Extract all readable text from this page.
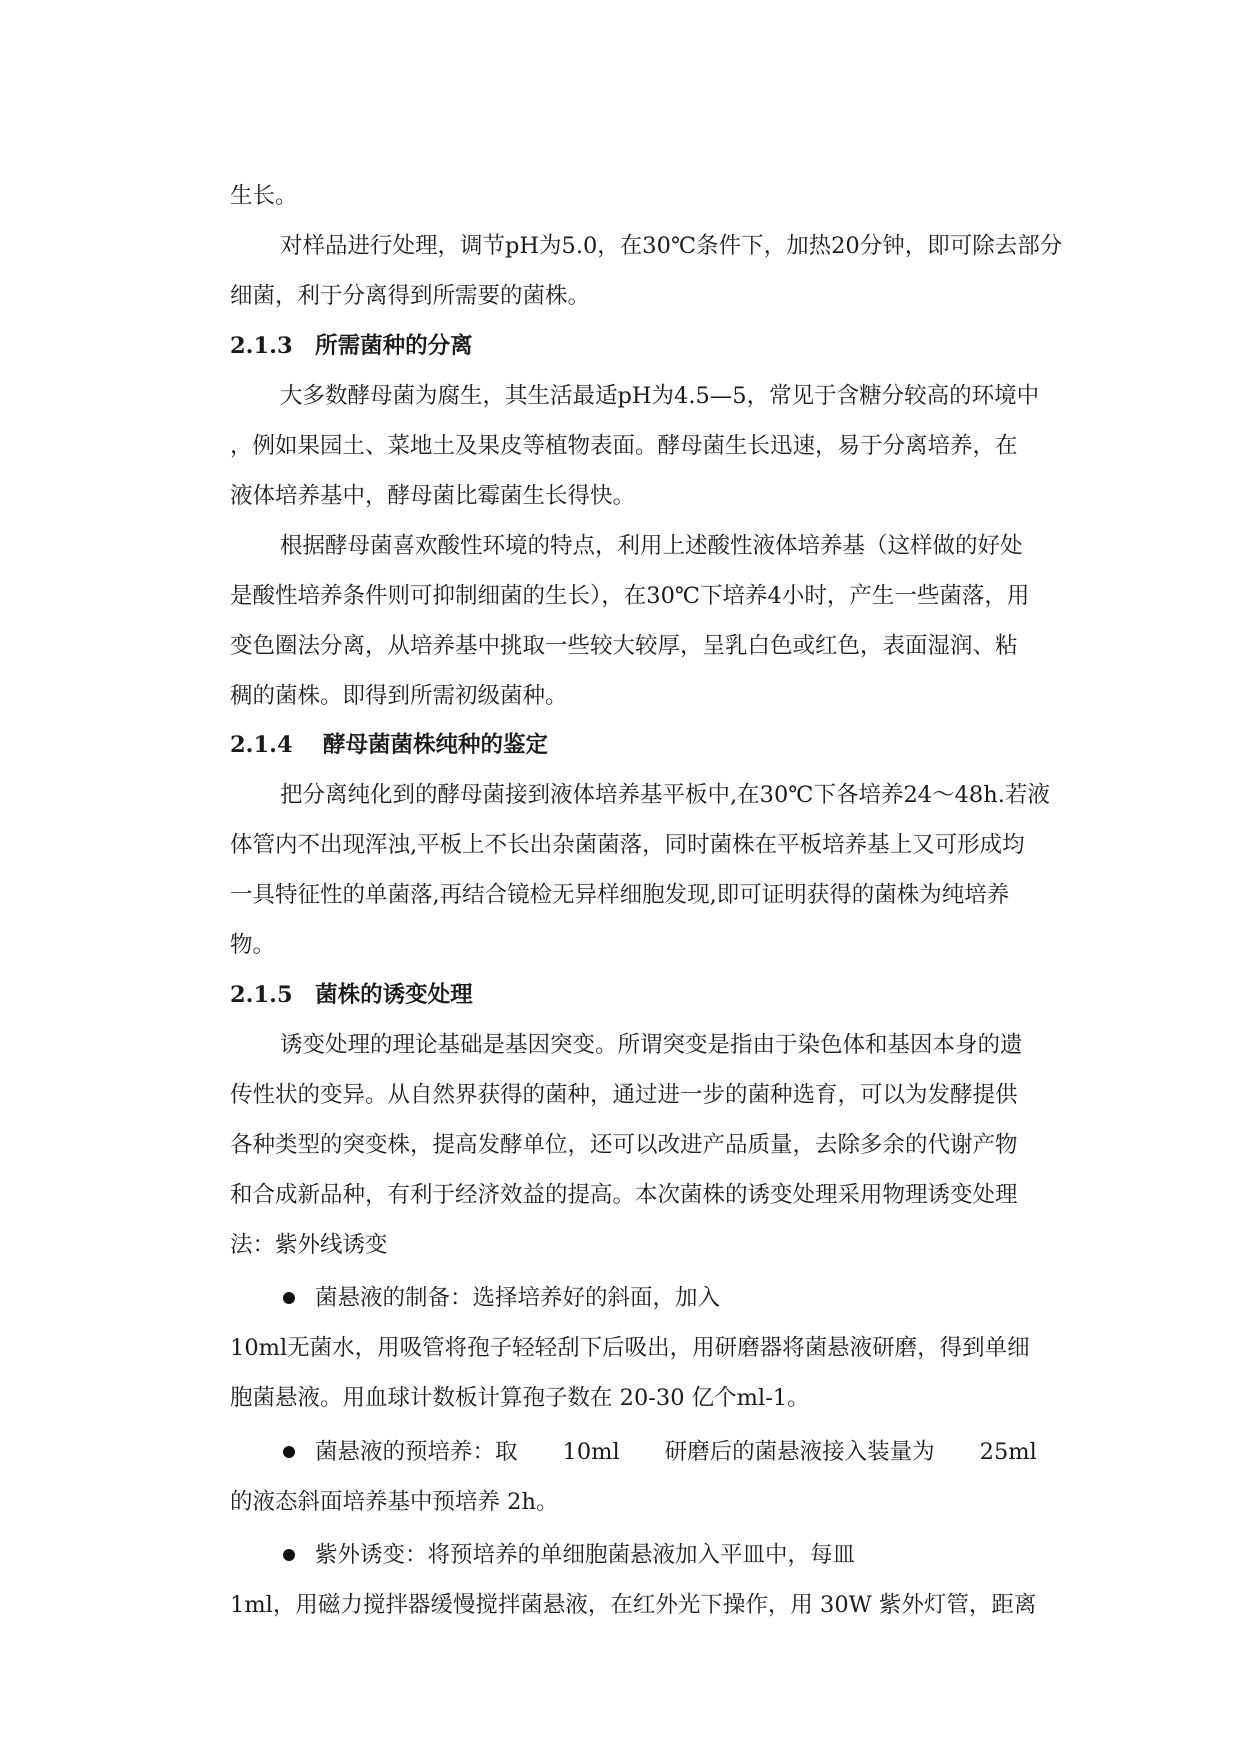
生长。
对样品进行处理，调节pH为5.0，在30℃条件下，加热20分钟，即可除去部分
细菌，利于分离得到所需要的菌株。
2.1.3　所需菌种的分离
大多数酵母菌为腐生，其生活最适pH为4.5—5，常见于含糖分较高的环境中
，例如果园土、菜地土及果皮等植物表面。酵母菌生长迅速，易于分离培养，在
液体培养基中，酵母菌比霉菌生长得快。
根据酵母菌喜欢酸性环境的特点，利用上述酸性液体培养基（这样做的好处
是酸性培养条件则可抑制细菌的生长），在30℃下培养4小时，产生一些菌落，用
变色圈法分离，从培养基中挑取一些较大较厚，呈乳白色或红色，表面湿润、粘
稠的菌株。即得到所需初级菌种。
2.1.4　 酵母菌菌株纯种的鉴定
把分离纯化到的酵母菌接到液体培养基平板中,在30℃下各培养24～48h.若液
体管内不出现浑浊,平板上不长出杂菌菌落，同时菌株在平板培养基上又可形成均
一具特征性的单菌落,再结合镜检无异样细胞发现,即可证明获得的菌株为纯培养
物。
2.1.5　菌株的诱变处理
诱变处理的理论基础是基因突变。所谓突变是指由于染色体和基因本身的遗
传性状的变异。从自然界获得的菌种，通过进一步的菌种选育，可以为发酵提供
各种类型的突变株，提高发酵单位，还可以改进产品质量，去除多余的代谢产物
和合成新品种，有利于经济效益的提高。本次菌株的诱变处理采用物理诱变处理
法：紫外线诱变
菌悬液的制备：选择培养好的斜面，加入
10ml无菌水，用吸管将孢子轻轻刮下后吸出，用研磨器将菌悬液研磨，得到单细
胞菌悬液。用血球计数板计算孢子数在 20-30 亿个ml-1。
菌悬液的预培养：取　　10ml　　研磨后的菌悬液接入装量为　　25ml
的液态斜面培养基中预培养 2h。
紫外诱变：将预培养的单细胞菌悬液加入平皿中，每皿
1ml，用磁力搅拌器缓慢搅拌菌悬液，在红外光下操作，用 30W 紫外灯管，距离
